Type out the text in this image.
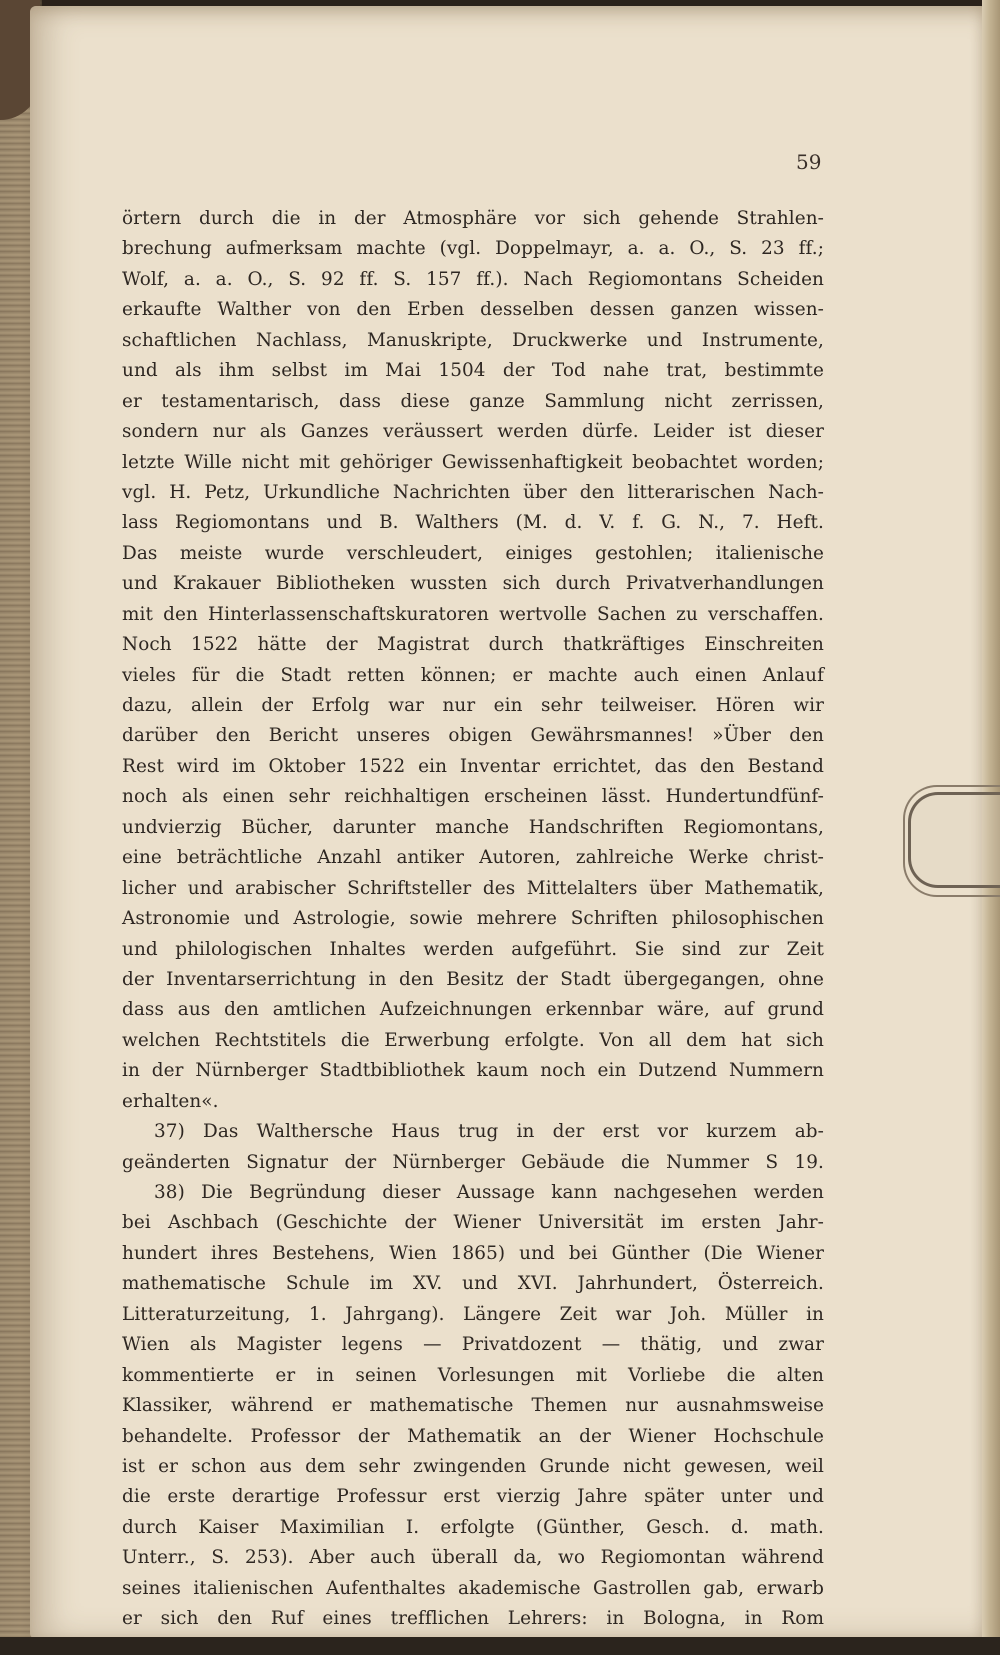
59
örtern durch die in der Atmosphäre vor sich gehende Strahlen-
brechung aufmerksam machte (vgl. Doppelmayr, a. a. O., S. 23 ff.;
Wolf, a. a. O., S. 92 ff. S. 157 ff.). Nach Regiomontans Scheiden
erkaufte Walther von den Erben desselben dessen ganzen wissen-
schaftlichen Nachlass, Manuskripte, Druckwerke und Instrumente,
und als ihm selbst im Mai 1504 der Tod nahe trat, bestimmte
er testamentarisch, dass diese ganze Sammlung nicht zerrissen,
sondern nur als Ganzes veräussert werden dürfe. Leider ist dieser
letzte Wille nicht mit gehöriger Gewissenhaftigkeit beobachtet worden;
vgl. H. Petz, Urkundliche Nachrichten über den litterarischen Nach-
lass Regiomontans und B. Walthers (M. d. V. f. G. N., 7. Heft.
Das meiste wurde verschleudert, einiges gestohlen; italienische
und Krakauer Bibliotheken wussten sich durch Privatverhandlungen
mit den Hinterlassenschaftskuratoren wertvolle Sachen zu verschaffen.
Noch 1522 hätte der Magistrat durch thatkräftiges Einschreiten
vieles für die Stadt retten können; er machte auch einen Anlauf
dazu, allein der Erfolg war nur ein sehr teilweiser. Hören wir
darüber den Bericht unseres obigen Gewährsmannes! »Über den
Rest wird im Oktober 1522 ein Inventar errichtet, das den Bestand
noch als einen sehr reichhaltigen erscheinen lässt. Hundertundfünf-
undvierzig Bücher, darunter manche Handschriften Regiomontans,
eine beträchtliche Anzahl antiker Autoren, zahlreiche Werke christ-
licher und arabischer Schriftsteller des Mittelalters über Mathematik,
Astronomie und Astrologie, sowie mehrere Schriften philosophischen
und philologischen Inhaltes werden aufgeführt. Sie sind zur Zeit
der Inventarserrichtung in den Besitz der Stadt übergegangen, ohne
dass aus den amtlichen Aufzeichnungen erkennbar wäre, auf grund
welchen Rechtstitels die Erwerbung erfolgte. Von all dem hat sich
in der Nürnberger Stadtbibliothek kaum noch ein Dutzend Nummern
erhalten«.
37) Das Walthersche Haus trug in der erst vor kurzem ab-
geänderten Signatur der Nürnberger Gebäude die Nummer S 19.
38) Die Begründung dieser Aussage kann nachgesehen werden
bei Aschbach (Geschichte der Wiener Universität im ersten Jahr-
hundert ihres Bestehens, Wien 1865) und bei Günther (Die Wiener
mathematische Schule im XV. und XVI. Jahrhundert, Österreich.
Litteraturzeitung, 1. Jahrgang). Längere Zeit war Joh. Müller in
Wien als Magister legens — Privatdozent — thätig, und zwar
kommentierte er in seinen Vorlesungen mit Vorliebe die alten
Klassiker, während er mathematische Themen nur ausnahmsweise
behandelte. Professor der Mathematik an der Wiener Hochschule
ist er schon aus dem sehr zwingenden Grunde nicht gewesen, weil
die erste derartige Professur erst vierzig Jahre später unter und
durch Kaiser Maximilian I. erfolgte (Günther, Gesch. d. math.
Unterr., S. 253). Aber auch überall da, wo Regiomontan während
seines italienischen Aufenthaltes akademische Gastrollen gab, erwarb
er sich den Ruf eines trefflichen Lehrers: in Bologna, in Rom
